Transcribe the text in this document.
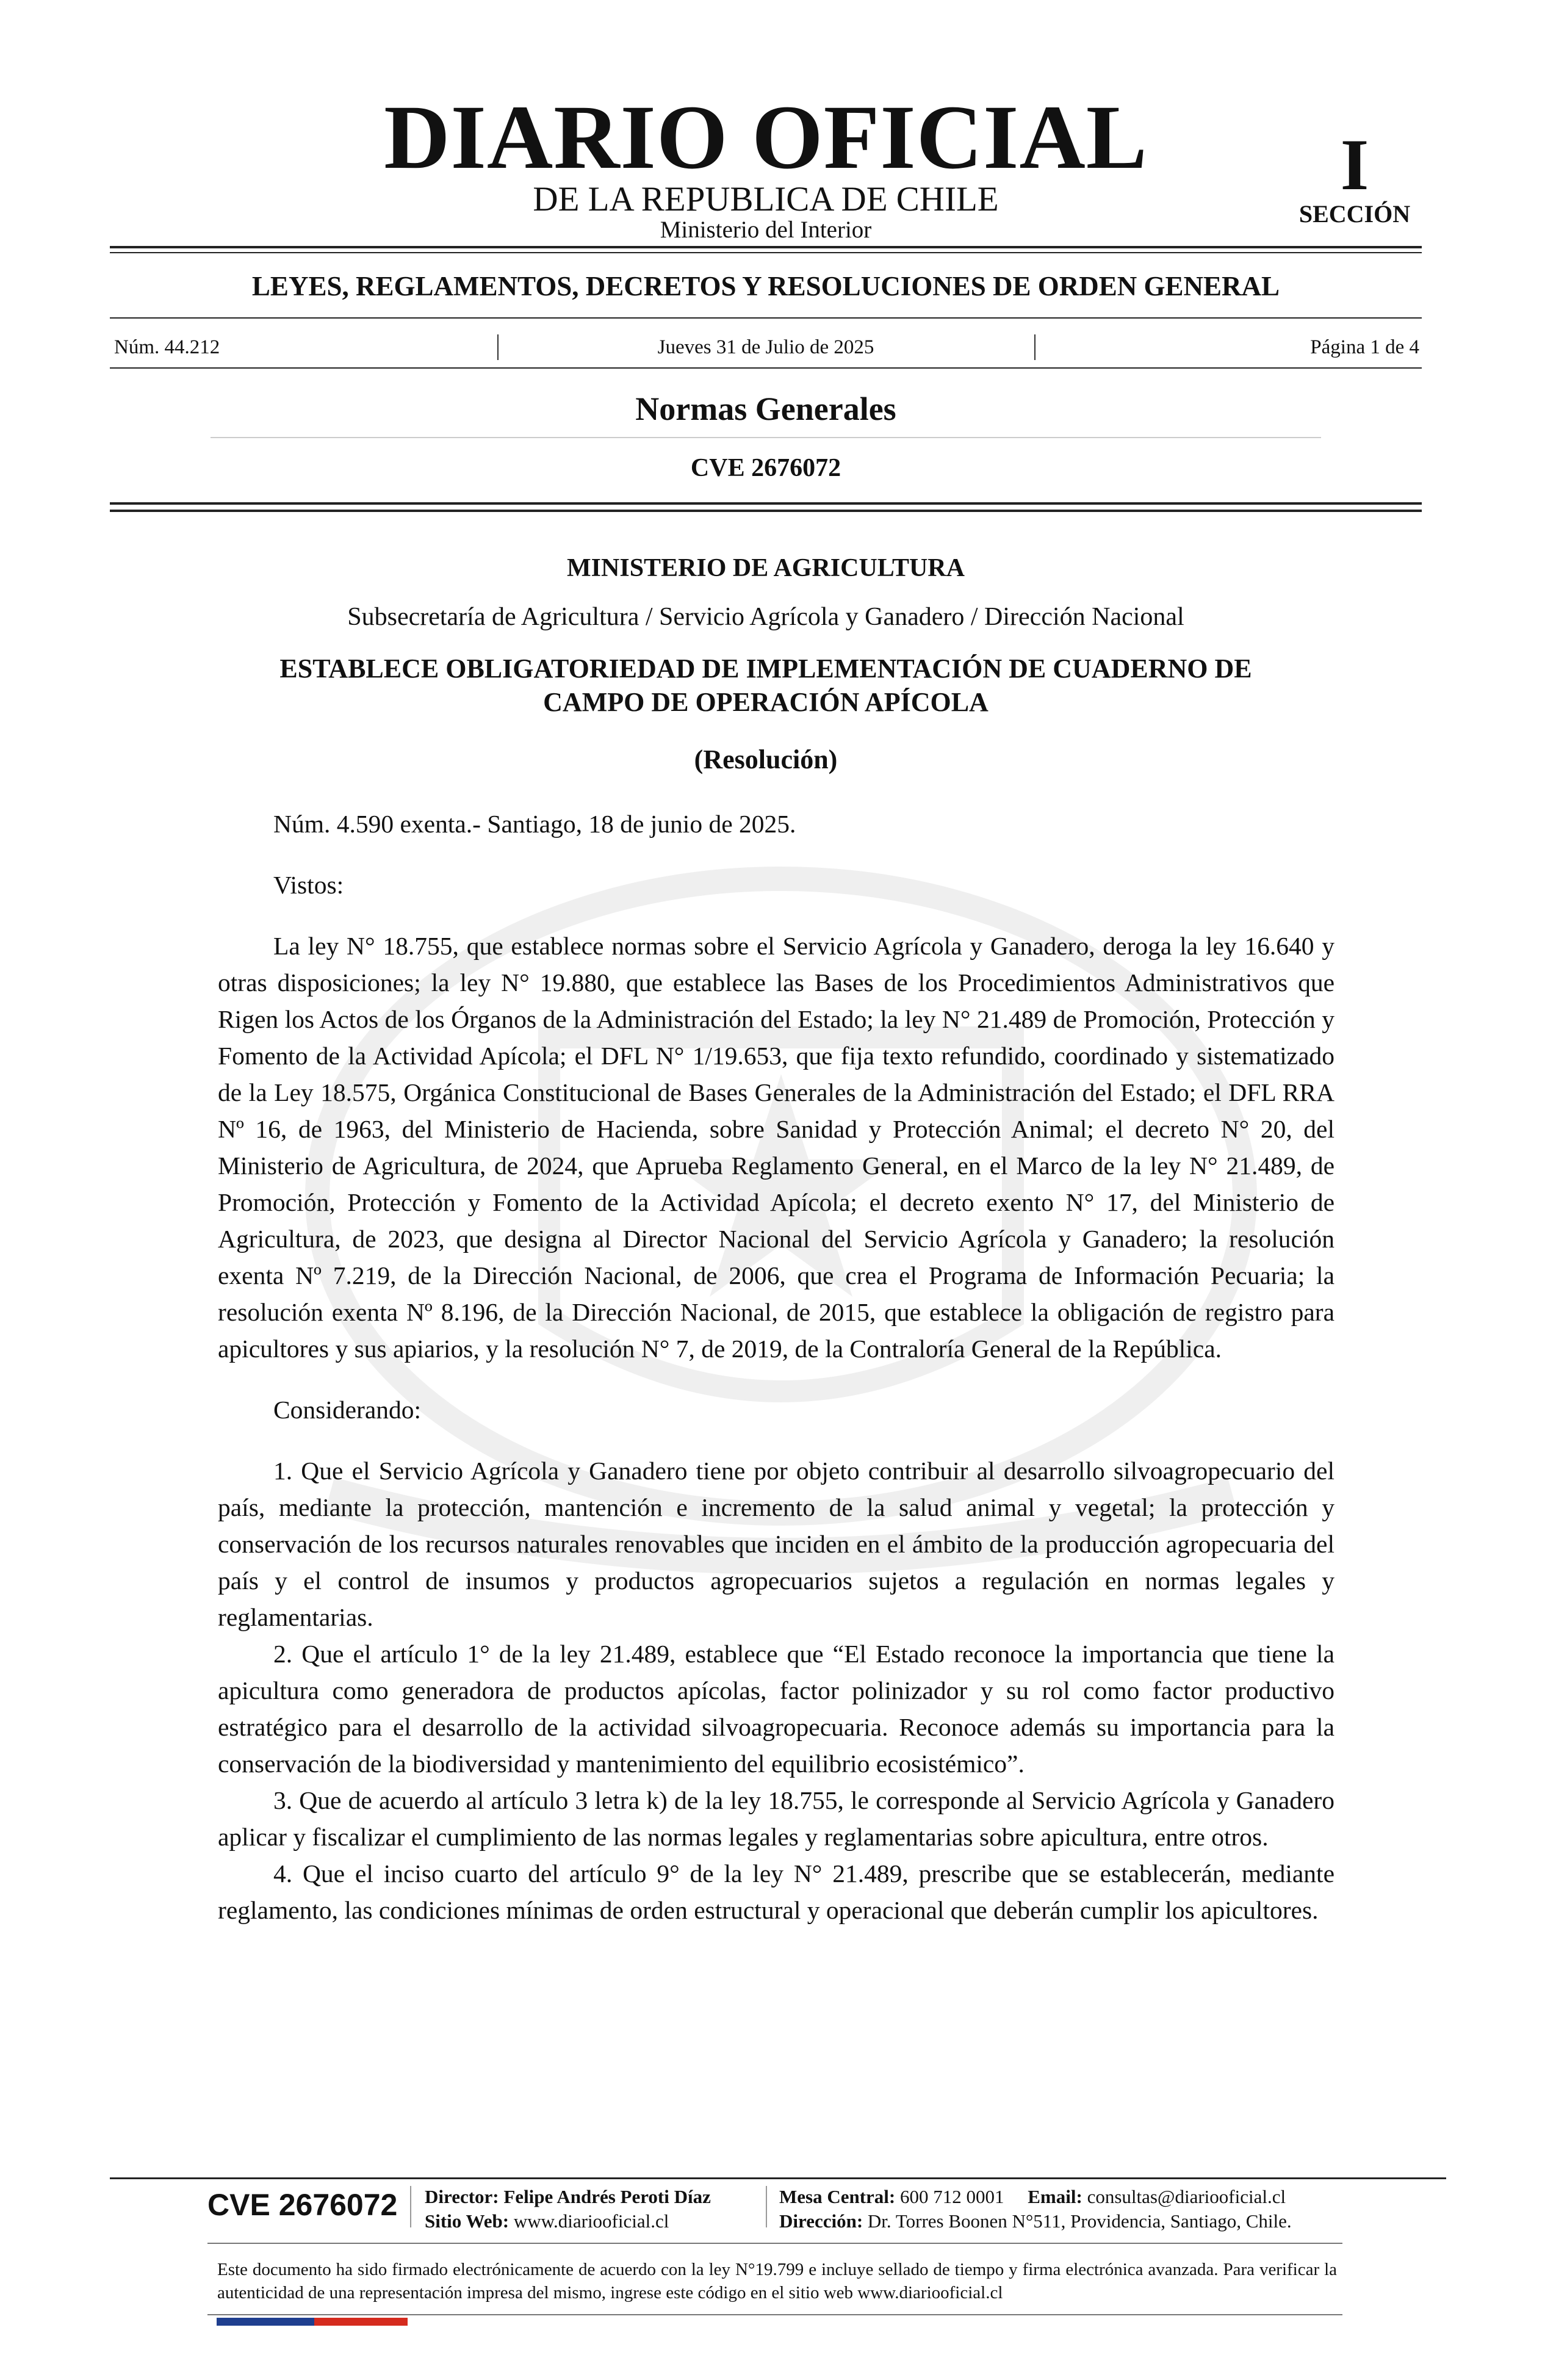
DIARIO OFICIAL
DE LA REPUBLICA DE CHILE
Ministerio del Interior
I
SECCIÓN
LEYES, REGLAMENTOS, DECRETOS Y RESOLUCIONES DE ORDEN GENERAL
Núm. 44.212	Jueves 31 de Julio de 2025	Página 1 de 4
Normas Generales
CVE 2676072
MINISTERIO DE AGRICULTURA
Subsecretaría de Agricultura / Servicio Agrícola y Ganadero / Dirección Nacional
ESTABLECE OBLIGATORIEDAD DE IMPLEMENTACIÓN DE CUADERNO DE
CAMPO DE OPERACIÓN APÍCOLA
(Resolución)

Núm. 4.590 exenta.- Santiago, 18 de junio de 2025.

Vistos:

La ley N° 18.755, que establece normas sobre el Servicio Agrícola y Ganadero, deroga la ley 16.640 y otras disposiciones; la ley N° 19.880, que establece las Bases de los Procedimientos Administrativos que Rigen los Actos de los Órganos de la Administración del Estado; la ley N° 21.489 de Promoción, Protección y Fomento de la Actividad Apícola; el DFL N° 1/19.653, que fija texto refundido, coordinado y sistematizado de la Ley 18.575, Orgánica Constitucional de Bases Generales de la Administración del Estado; el DFL RRA Nº 16, de 1963, del Ministerio de Hacienda, sobre Sanidad y Protección Animal; el decreto N° 20, del Ministerio de Agricultura, de 2024, que Aprueba Reglamento General, en el Marco de la ley N° 21.489, de Promoción, Protección y Fomento de la Actividad Apícola; el decreto exento N° 17, del Ministerio de Agricultura, de 2023, que designa al Director Nacional del Servicio Agrícola y Ganadero; la resolución exenta Nº 7.219, de la Dirección Nacional, de 2006, que crea el Programa de Información Pecuaria; la resolución exenta Nº 8.196, de la Dirección Nacional, de 2015, que establece la obligación de registro para apicultores y sus apiarios, y la resolución N° 7, de 2019, de la Contraloría General de la República.

Considerando:

1. Que el Servicio Agrícola y Ganadero tiene por objeto contribuir al desarrollo silvoagropecuario del país, mediante la protección, mantención e incremento de la salud animal y vegetal; la protección y conservación de los recursos naturales renovables que inciden en el ámbito de la producción agropecuaria del país y el control de insumos y productos agropecuarios sujetos a regulación en normas legales y reglamentarias.

2. Que el artículo 1° de la ley 21.489, establece que “El Estado reconoce la importancia que tiene la apicultura como generadora de productos apícolas, factor polinizador y su rol como factor productivo estratégico para el desarrollo de la actividad silvoagropecuaria. Reconoce además su importancia para la conservación de la biodiversidad y mantenimiento del equilibrio ecosistémico”.

3. Que de acuerdo al artículo 3 letra k) de la ley 18.755, le corresponde al Servicio Agrícola y Ganadero aplicar y fiscalizar el cumplimiento de las normas legales y reglamentarias sobre apicultura, entre otros.

4. Que el inciso cuarto del artículo 9° de la ley N° 21.489, prescribe que se establecerán, mediante reglamento, las condiciones mínimas de orden estructural y operacional que deberán cumplir los apicultores.

CVE 2676072 Director: Felipe Andrés Peroti Díaz
Sitio Web: www.diariooficial.cl
Mesa Central: 600 712 0001 Email: consultas@diariooficial.cl
Dirección: Dr. Torres Boonen N°511, Providencia, Santiago, Chile.
Este documento ha sido firmado electrónicamente de acuerdo con la ley N°19.799 e incluye sellado de tiempo y firma electrónica avanzada. Para verificar la autenticidad de una representación impresa del mismo, ingrese este código en el sitio web www.diariooficial.cl
